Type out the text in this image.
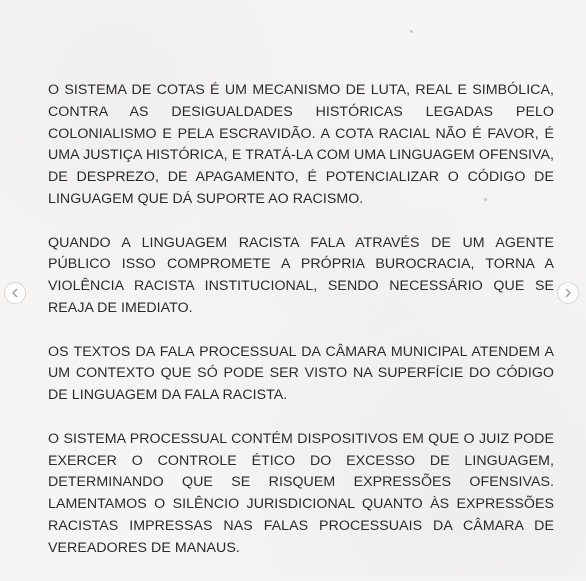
O SISTEMA DE COTAS É UM MECANISMO DE LUTA, REAL E SIMBÓLICA, CONTRA AS DESIGUALDADES HISTÓRICAS LEGADAS PELO COLONIALISMO E PELA ESCRAVIDÃO. A COTA RACIAL NÃO É FAVOR, É UMA JUSTIÇA HISTÓRICA, E TRATÁ-LA COM UMA LINGUAGEM OFENSIVA, DE DESPREZO, DE APAGAMENTO, É POTENCIALIZAR O CÓDIGO DE LINGUAGEM QUE DÁ SUPORTE AO RACISMO.

QUANDO A LINGUAGEM RACISTA FALA ATRAVÉS DE UM AGENTE PÚBLICO ISSO COMPROMETE A PRÓPRIA BUROCRACIA, TORNA A VIOLÊNCIA RACISTA INSTITUCIONAL, SENDO NECESSÁRIO QUE SE REAJA DE IMEDIATO.

OS TEXTOS DA FALA PROCESSUAL DA CÂMARA MUNICIPAL ATENDEM A UM CONTEXTO QUE SÓ PODE SER VISTO NA SUPERFÍCIE DO CÓDIGO DE LINGUAGEM DA FALA RACISTA.

O SISTEMA PROCESSUAL CONTÉM DISPOSITIVOS EM QUE O JUIZ PODE EXERCER O CONTROLE ÉTICO DO EXCESSO DE LINGUAGEM, DETERMINANDO QUE SE RISQUEM EXPRESSÕES OFENSIVAS. LAMENTAMOS O SILÊNCIO JURISDICIONAL QUANTO ÀS EXPRESSÕES RACISTAS IMPRESSAS NAS FALAS PROCESSUAIS DA CÂMARA DE VEREADORES DE MANAUS.
